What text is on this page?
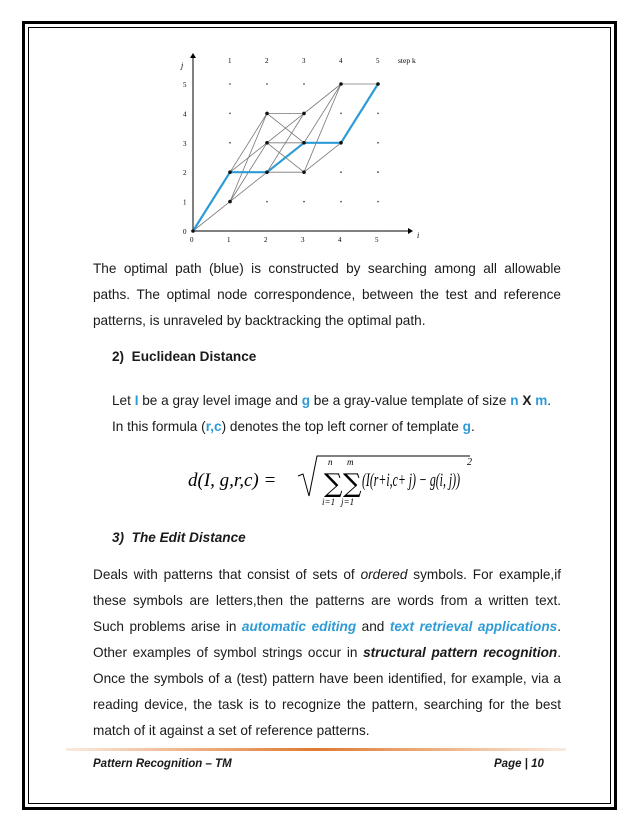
0	1	2	3	4	5
0
1
2
3
4
5
1	2	3	4	5 step k
i
j
The optimal path (blue) is constructed by searching among all allowable
paths. The optimal node correspondence, between the test and reference
patterns, is unraveled by backtracking the optimal path.
2) Euclidean Distance
Let I be a gray level image and g be a gray-value template of size n X m.
In this formula (r,c) denotes the top left corner of template g.
d(I, g,r,c) = ∑
n
i=1
∑
m
j=1
(I(r+i,c+ j) − g(i, j))
2
3) The Edit Distance
Deals with patterns that consist of sets of ordered symbols. For example,if
these symbols are letters,then the patterns are words from a written text.
Such problems arise in automatic editing and text retrieval applications.
Other examples of symbol strings occur in structural pattern recognition.
Once the symbols of a (test) pattern have been identified, for example, via a
reading device, the task is to recognize the pattern, searching for the best
match of it against a set of reference patterns.
Pattern Recognition – TM	Page | 10
